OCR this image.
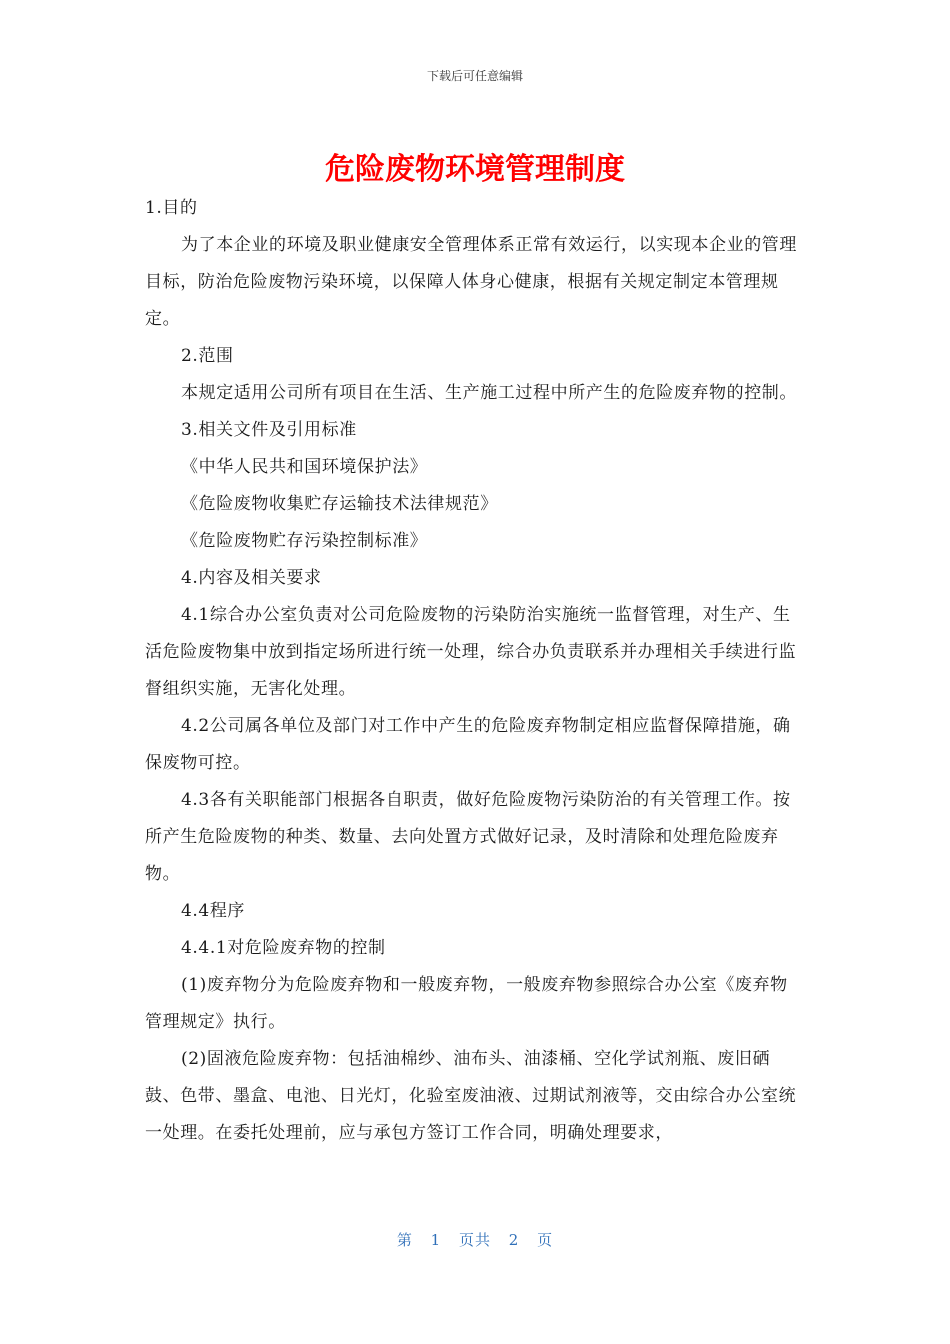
下载后可任意编辑
危险废物环境管理制度

1.目的

为了本企业的环境及职业健康安全管理体系正常有效运行，以实现本企业的管理目标，防治危险废物污染环境，以保障人体身心健康，根据有关规定制定本管理规定。

2.范围

本规定适用公司所有项目在生活、生产施工过程中所产生的危险废弃物的控制。

3.相关文件及引用标准

《中华人民共和国环境保护法》

《危险废物收集贮存运输技术法律规范》

《危险废物贮存污染控制标准》

4.内容及相关要求

4.1综合办公室负责对公司危险废物的污染防治实施统一监督管理，对生产、生活危险废物集中放到指定场所进行统一处理，综合办负责联系并办理相关手续进行监督组织实施，无害化处理。

4.2公司属各单位及部门对工作中产生的危险废弃物制定相应监督保障措施，确保废物可控。

4.3各有关职能部门根据各自职责，做好危险废物污染防治的有关管理工作。按所产生危险废物的种类、数量、去向处置方式做好记录，及时清除和处理危险废弃物。

4.4程序

4.4.1对危险废弃物的控制

(1)废弃物分为危险废弃物和一般废弃物，一般废弃物参照综合办公室《废弃物管理规定》执行。

(2)固液危险废弃物：包括油棉纱、油布头、油漆桶、空化学试剂瓶、废旧硒鼓、色带、墨盒、电池、日光灯，化验室废油液、过期试剂液等，交由综合办公室统一处理。在委托处理前，应与承包方签订工作合同，明确处理要求，

第 1 页共 2 页
